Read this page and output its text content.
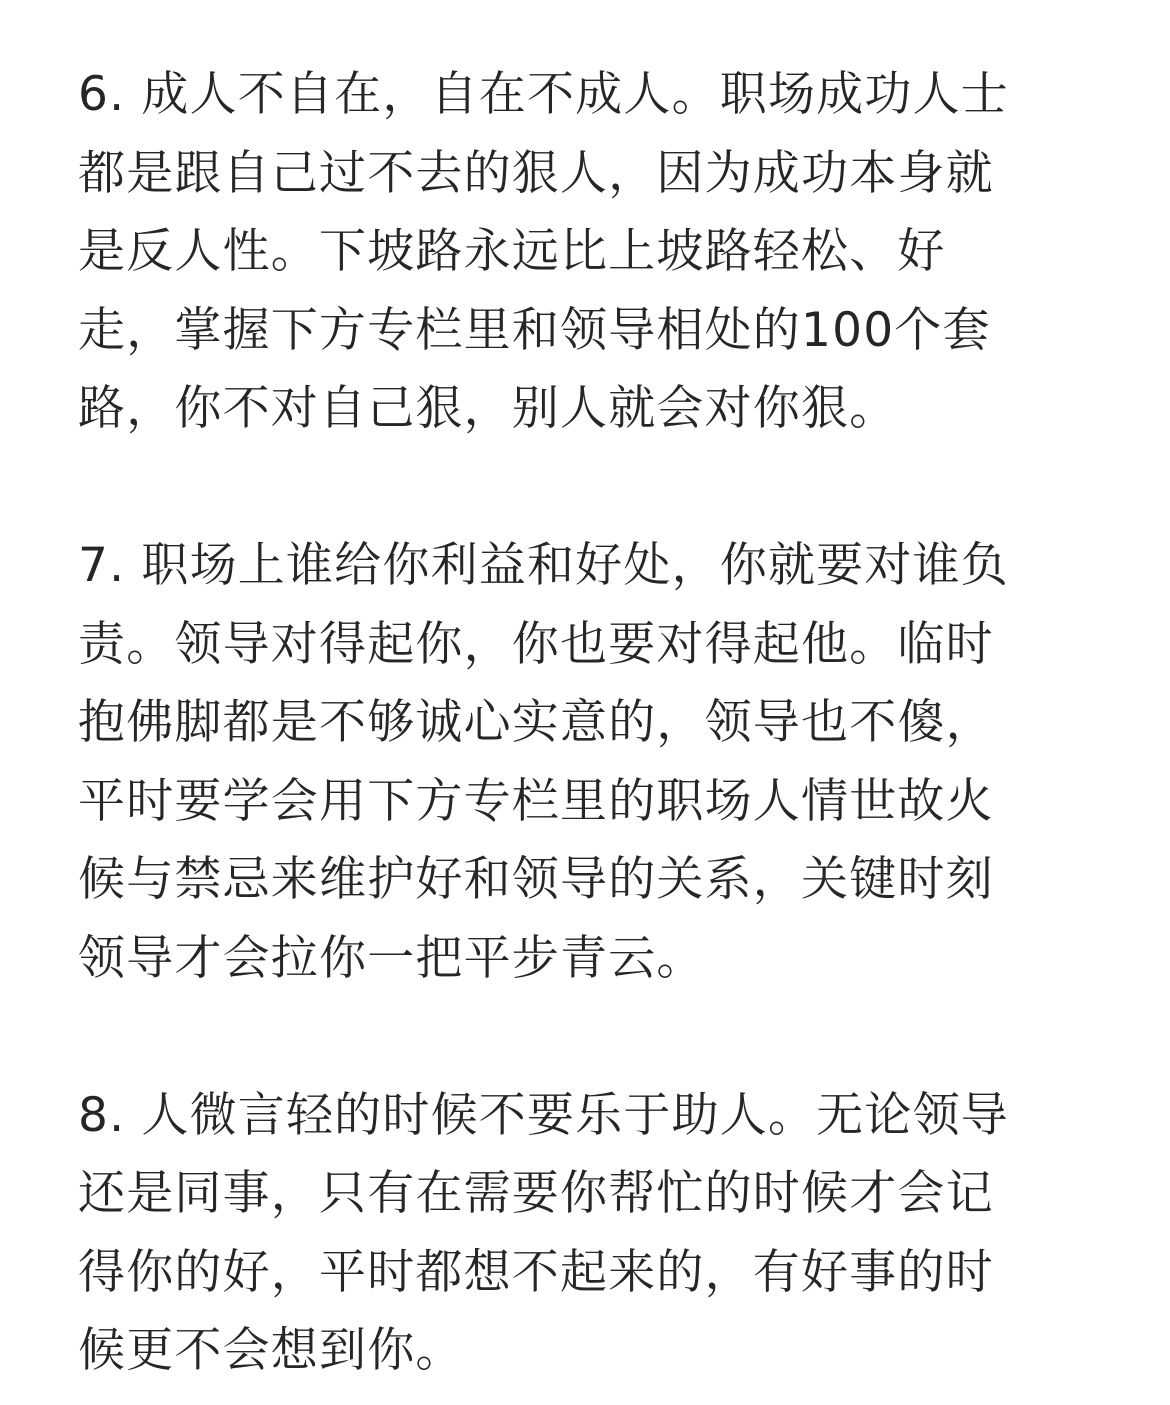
6. 成人不自在，自在不成人。职场成功人士
都是跟自己过不去的狠人，因为成功本身就
是反人性。下坡路永远比上坡路轻松、好
走，掌握下方专栏里和领导相处的100个套
路，你不对自己狠，别人就会对你狠。
7. 职场上谁给你利益和好处，你就要对谁负
责。领导对得起你，你也要对得起他。临时
抱佛脚都是不够诚心实意的，领导也不傻，
平时要学会用下方专栏里的职场人情世故火
候与禁忌来维护好和领导的关系，关键时刻
领导才会拉你一把平步青云。
8. 人微言轻的时候不要乐于助人。无论领导
还是同事，只有在需要你帮忙的时候才会记
得你的好，平时都想不起来的，有好事的时
候更不会想到你。
